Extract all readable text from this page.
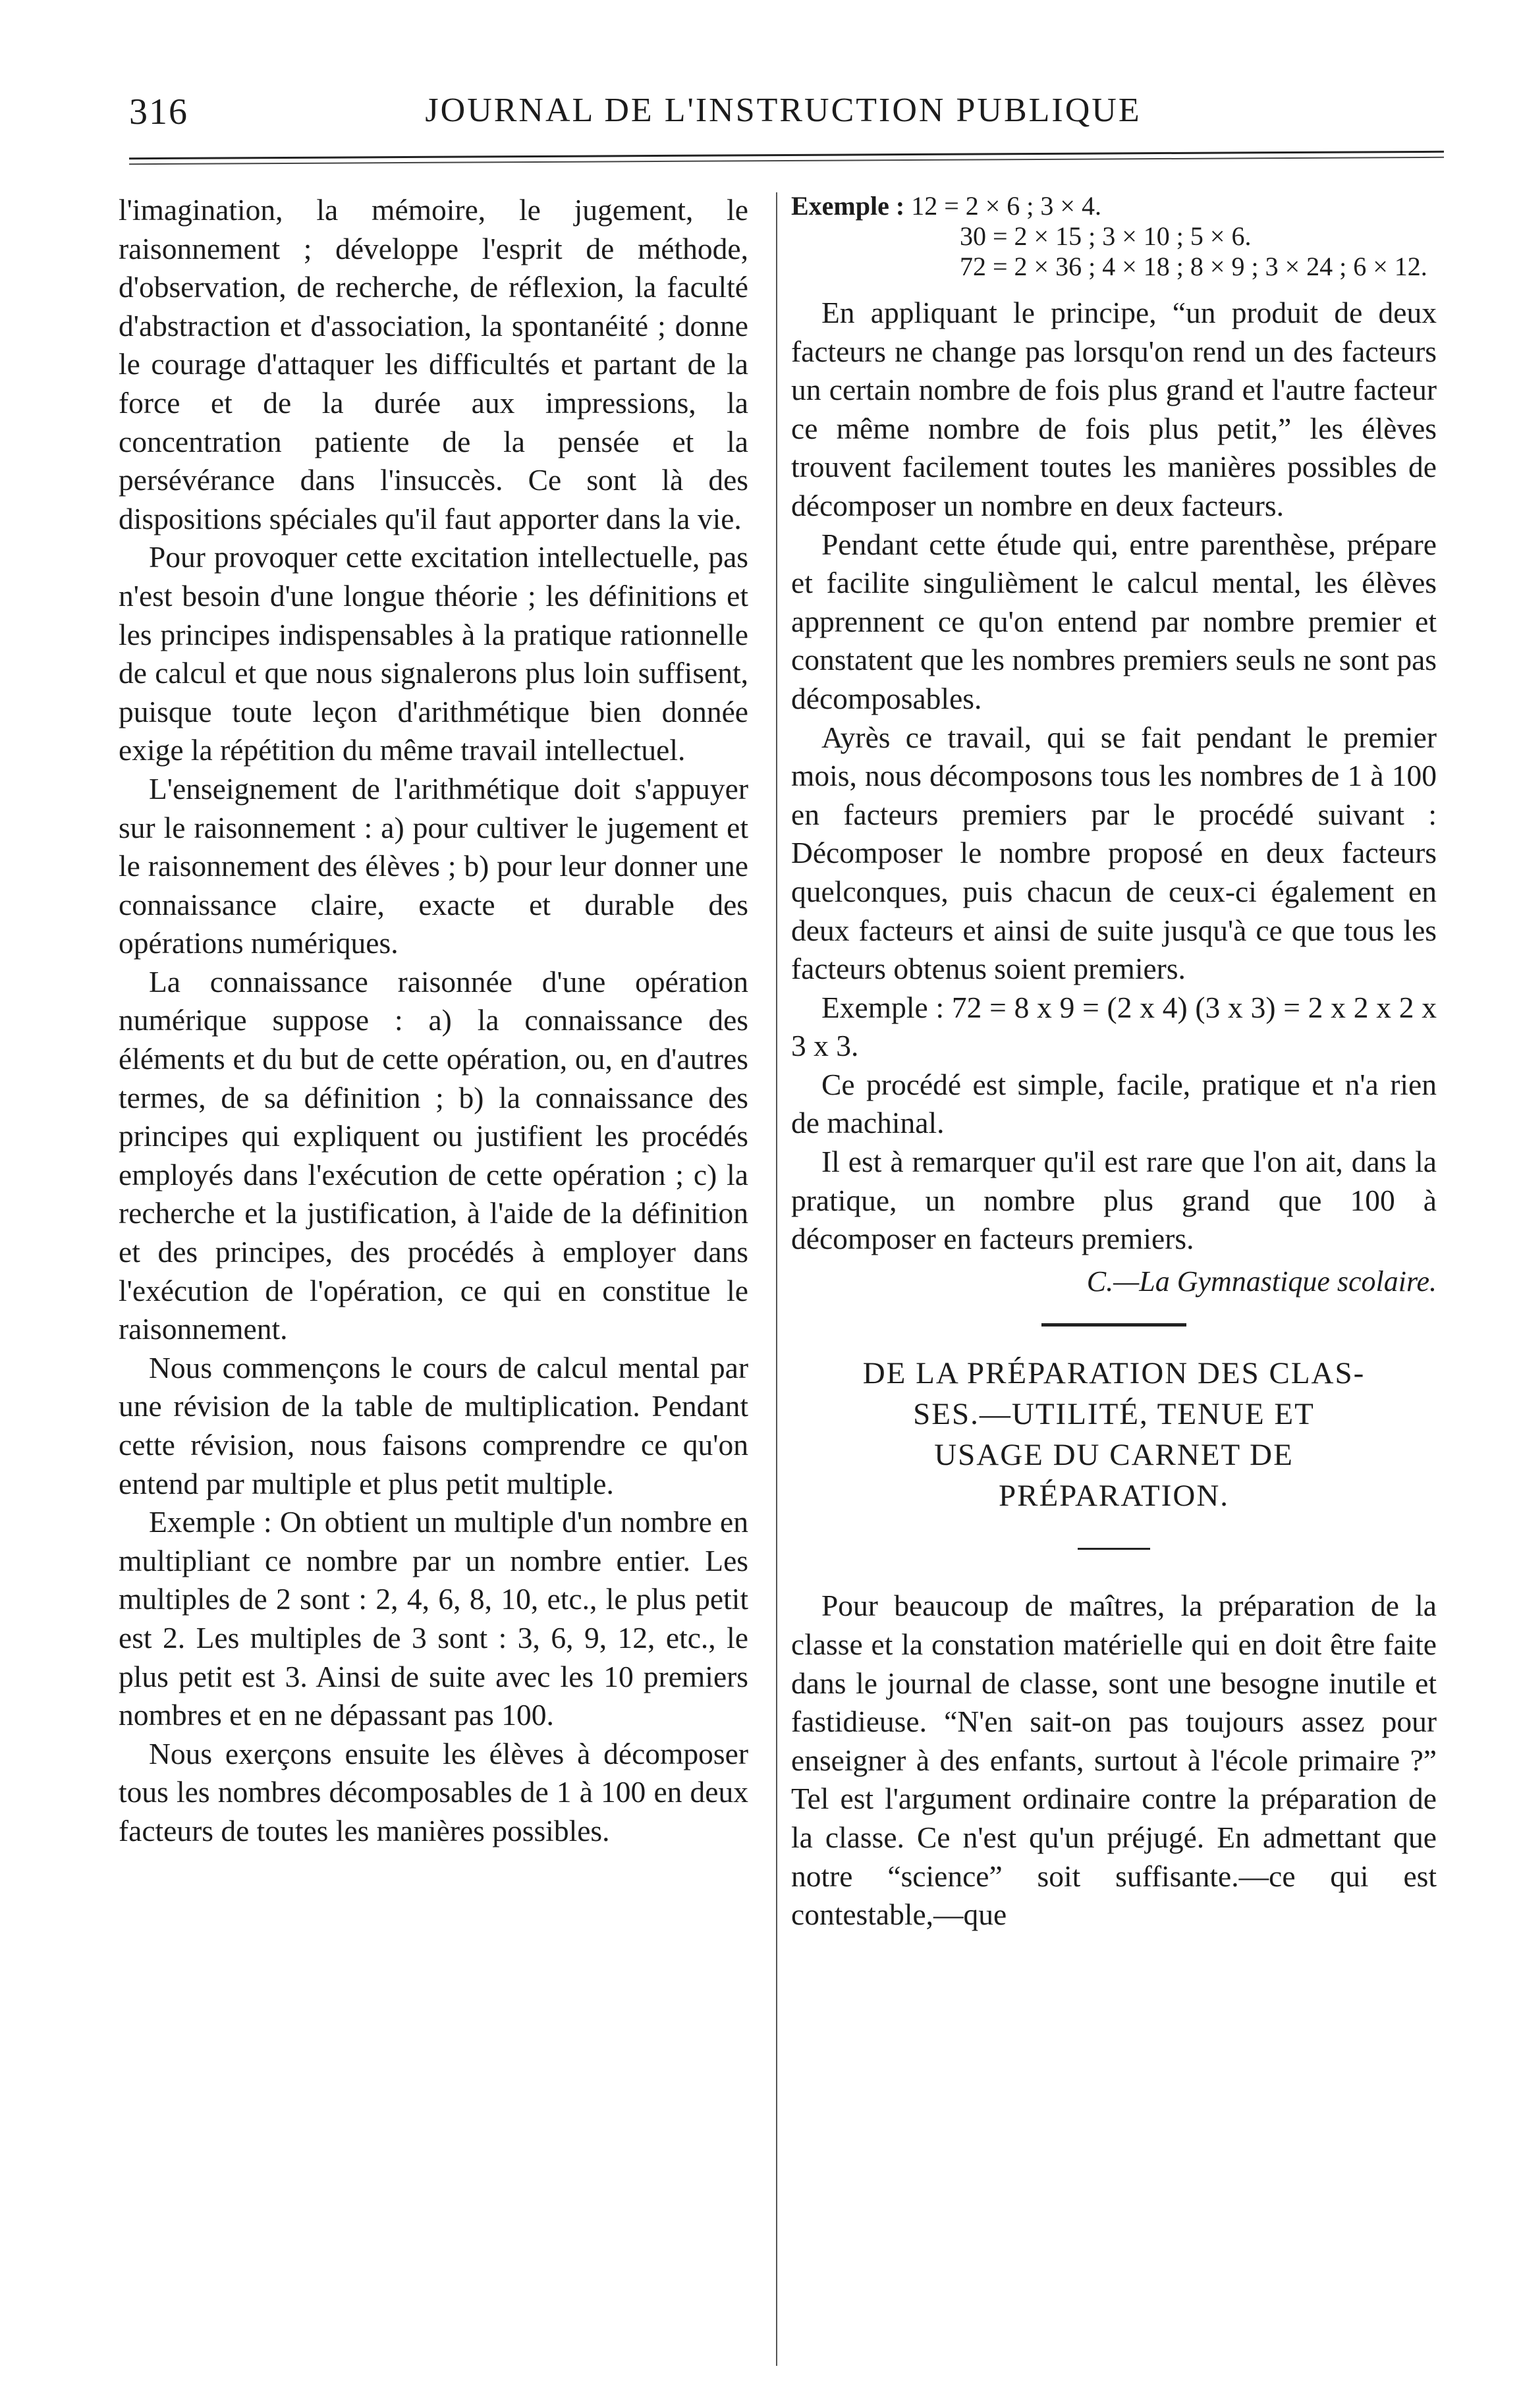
316	JOURNAL DE L'INSTRUCTION PUBLIQUE

l'imagination, la mémoire, le jugement, le raisonnement ; développe l'esprit de méthode, d'observation, de recherche, de réflexion, la faculté d'abstraction et d'association, la spontanéité ; donne le courage d'attaquer les difficultés et partant de la force et de la durée aux impressions, la concentration patiente de la pensée et la persévérance dans l'insuccès. Ce sont là des dispositions spéciales qu'il faut apporter dans la vie.

Pour provoquer cette excitation intellectuelle, pas n'est besoin d'une longue théorie ; les définitions et les principes indispensables à la pratique rationnelle de calcul et que nous signalerons plus loin suffisent, puisque toute leçon d'arithmétique bien donnée exige la répétition du même travail intellectuel.

L'enseignement de l'arithmétique doit s'appuyer sur le raisonnement : a) pour cultiver le jugement et le raisonnement des élèves ; b) pour leur donner une connaissance claire, exacte et durable des opérations numériques.

La connaissance raisonnée d'une opération numérique suppose : a) la connaissance des éléments et du but de cette opération, ou, en d'autres termes, de sa définition ; b) la connaissance des principes qui expliquent ou justifient les procédés employés dans l'exécution de cette opération ; c) la recherche et la justification, à l'aide de la définition et des principes, des procédés à employer dans l'exécution de l'opération, ce qui en constitue le raisonnement.

Nous commençons le cours de calcul mental par une révision de la table de multiplication. Pendant cette révision, nous faisons comprendre ce qu'on entend par multiple et plus petit multiple.

Exemple : On obtient un multiple d'un nombre en multipliant ce nombre par un nombre entier. Les multiples de 2 sont : 2, 4, 6, 8, 10, etc., le plus petit est 2. Les multiples de 3 sont : 3, 6, 9, 12, etc., le plus petit est 3. Ainsi de suite avec les 10 premiers nombres et en ne dépassant pas 100.

Nous exerçons ensuite les élèves à décomposer tous les nombres décomposables de 1 à 100 en deux facteurs de toutes les manières possibles.

Exemple : 12 = 2 × 6 ; 3 × 4.
30 = 2 × 15 ; 3 × 10 ; 5 × 6.
72 = 2 × 36 ; 4 × 18 ; 8 × 9 ; 3 × 24 ; 6 × 12.

En appliquant le principe, “un produit de deux facteurs ne change pas lorsqu'on rend un des facteurs un certain nombre de fois plus grand et l'autre facteur ce même nombre de fois plus petit,” les élèves trouvent facilement toutes les manières possibles de décomposer un nombre en deux facteurs.

Pendant cette étude qui, entre parenthèse, prépare et facilite singulièment le calcul mental, les élèves apprennent ce qu'on entend par nombre premier et constatent que les nombres premiers seuls ne sont pas décomposables.

Ayrès ce travail, qui se fait pendant le premier mois, nous décomposons tous les nombres de 1 à 100 en facteurs premiers par le procédé suivant : Décomposer le nombre proposé en deux facteurs quelconques, puis chacun de ceux-ci également en deux facteurs et ainsi de suite jusqu'à ce que tous les facteurs obtenus soient premiers.

Exemple : 72 = 8 x 9 = (2 x 4) (3 x 3) = 2 x 2 x 2 x 3 x 3.

Ce procédé est simple, facile, pratique et n'a rien de machinal.

Il est à remarquer qu'il est rare que l'on ait, dans la pratique, un nombre plus grand que 100 à décomposer en facteurs premiers.

C.—La Gymnastique scolaire.
DE LA PRÉPARATION DES CLAS-
SES.—UTILITÉ, TENUE ET
USAGE DU CARNET DE
PRÉPARATION.

Pour beaucoup de maîtres, la préparation de la classe et la constation matérielle qui en doit être faite dans le journal de classe, sont une besogne inutile et fastidieuse. “N'en sait-on pas toujours assez pour enseigner à des enfants, surtout à l'école primaire ?” Tel est l'argument ordinaire contre la préparation de la classe. Ce n'est qu'un préjugé. En admettant que notre “science” soit suffisante.—ce qui est contestable,—que
